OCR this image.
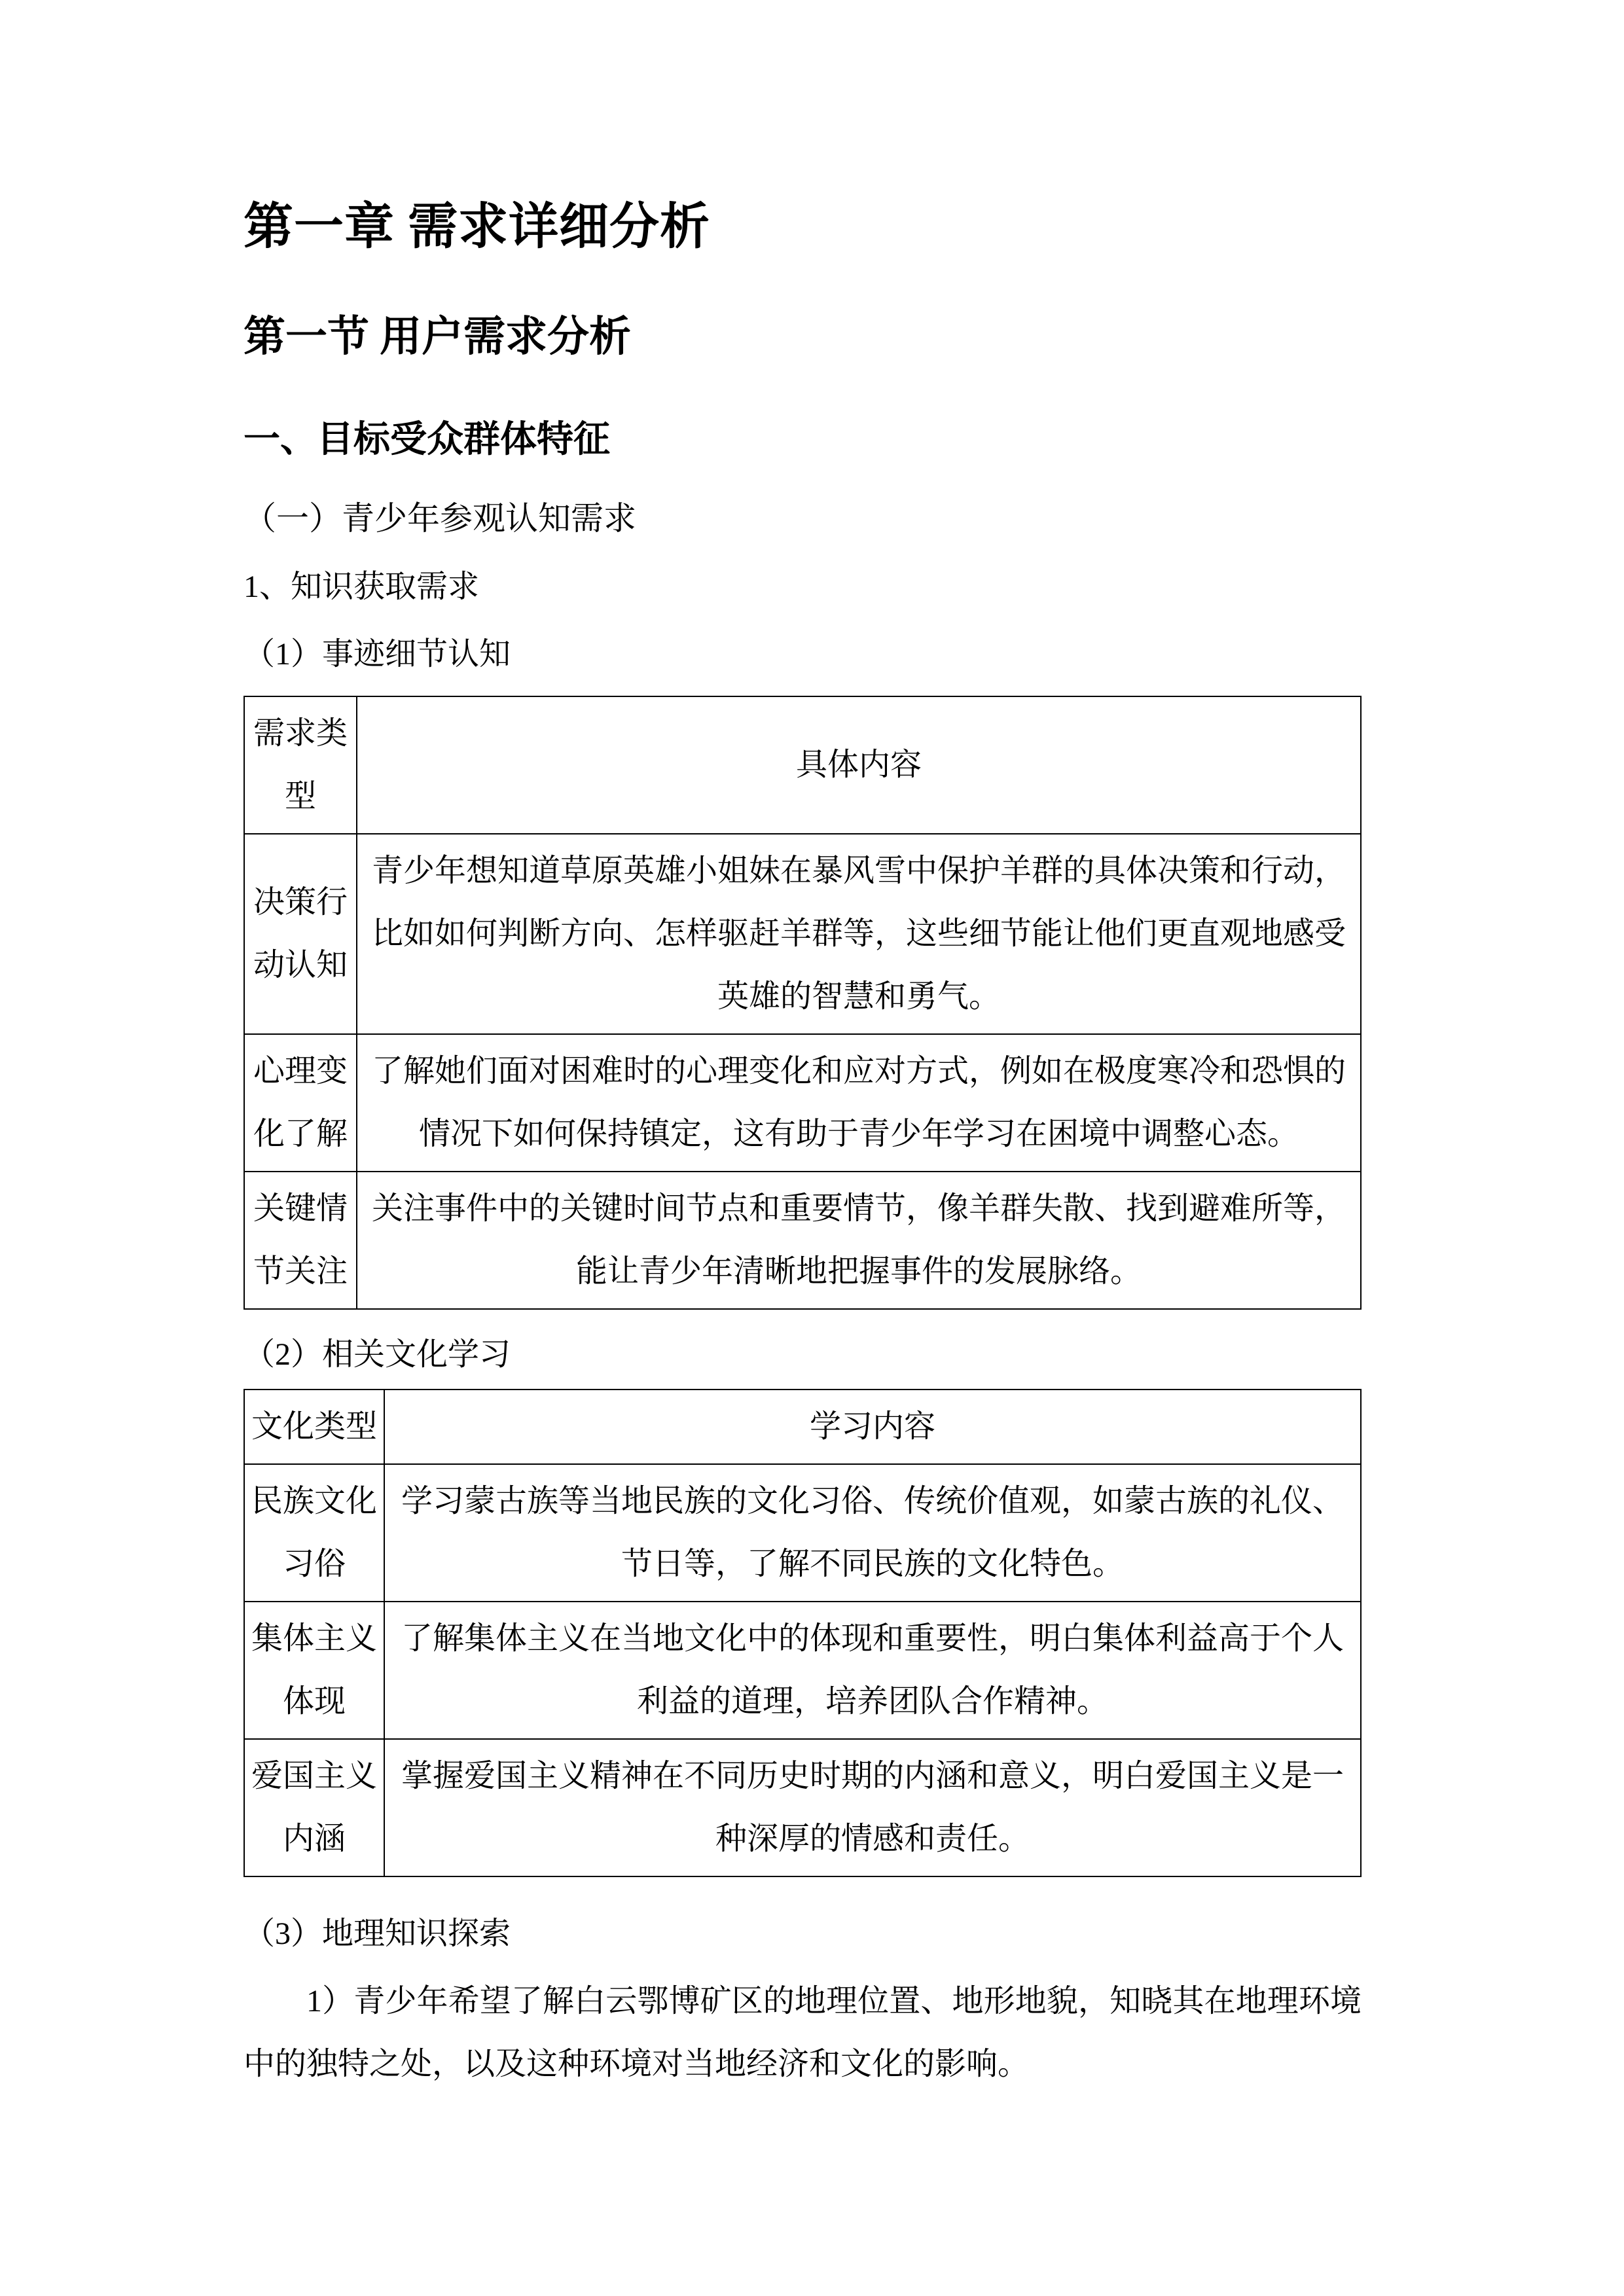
第一章 需求详细分析
第一节 用户需求分析
一、目标受众群体特征
（一）青少年参观认知需求
1、知识获取需求
（1）事迹细节认知
需求类型	具体内容
决策行动认知	青少年想知道草原英雄小姐妹在暴风雪中保护羊群的具体决策和行动，比如如何判断方向、怎样驱赶羊群等，这些细节能让他们更直观地感受英雄的智慧和勇气。
心理变化了解	了解她们面对困难时的心理变化和应对方式，例如在极度寒冷和恐惧的情况下如何保持镇定，这有助于青少年学习在困境中调整心态。
关键情节关注	关注事件中的关键时间节点和重要情节，像羊群失散、找到避难所等，能让青少年清晰地把握事件的发展脉络。
（2）相关文化学习
文化类型	学习内容
民族文化习俗	学习蒙古族等当地民族的文化习俗、传统价值观，如蒙古族的礼仪、节日等，了解不同民族的文化特色。
集体主义体现	了解集体主义在当地文化中的体现和重要性，明白集体利益高于个人利益的道理，培养团队合作精神。
爱国主义内涵	掌握爱国主义精神在不同历史时期的内涵和意义，明白爱国主义是一种深厚的情感和责任。
（3）地理知识探索

1）青少年希望了解白云鄂博矿区的地理位置、地形地貌，知晓其在地理环境中的独特之处，以及这种环境对当地经济和文化的影响。
